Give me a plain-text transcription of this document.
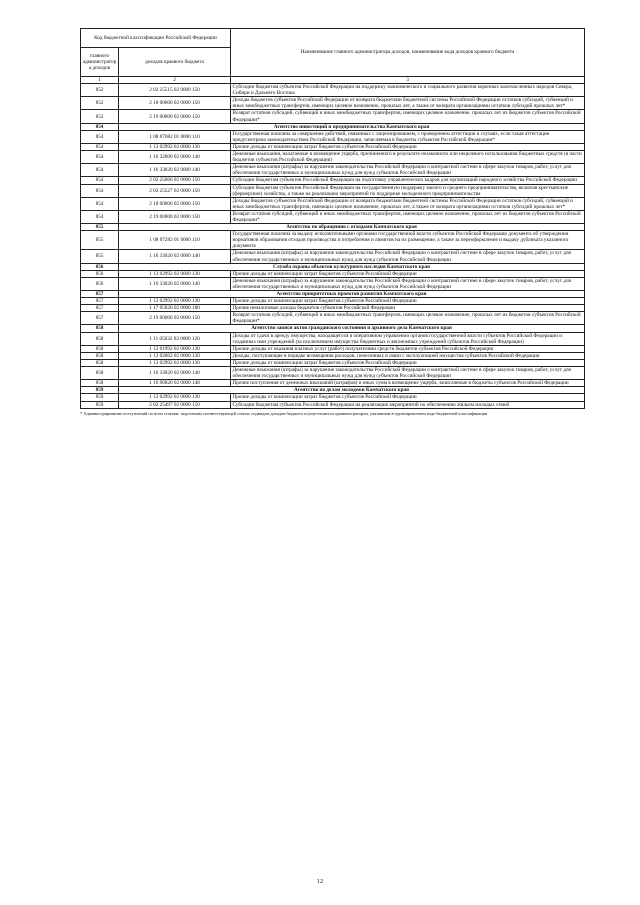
Код бюджетной классификации Российской Федерации		Наименование главного администратора доходов, наименование кода доходов краевого бюджета
главного администратора доходов	доходов краевого бюджета	
1	2	3
852	2 02 25515 02 0000 150	Субсидии бюджетам субъектов Российской Федерации на поддержку экономического и социального развития коренных малочисленных народов Севера, Сибири и Дальнего Востока
852	2 18 00000 02 0000 150	Доходы бюджетов субъектов Российской Федерации от возврата бюджетами бюджетной системы Российской Федерации остатков субсидий, субвенций и иных межбюджетных трансфертов, имеющих целевое назначение, прошлых лет, а также от возврата организациями остатков субсидий прошлых лет*
852	2 19 00000 02 0000 150	Возврат остатков субсидий, субвенций и иных межбюджетных трансфертов, имеющих целевое назначение, прошлых лет из бюджетов субъектов Российской Федерации*
854	Агентство инвестиций и предпринимательства Камчатского края	
854	1 08 07082 01 0000 110	Государственная пошлина за совершение действий, связанных с лицензированием, с проведением аттестации в случаях, если такая аттестация предусмотрена законодательством Российской Федерации, зачисляемая в бюджеты субъектов Российской Федерации*
854	1 13 02992 02 0000 130	Прочие доходы от компенсации затрат бюджетов субъектов Российской Федерации
854	1 16 32000 02 0000 140	Денежные взыскания, налагаемые в возмещение ущерба, причиненного в результате незаконного или нецелевого использования бюджетных средств (в части бюджетов субъектов Российской Федерации)
854	1 16 33020 02 0000 140	Денежные взыскания (штрафы) за нарушение законодательства Российской Федерации о контрактной системе в сфере закупок товаров, работ, услуг для обеспечения государственных и муниципальных нужд для нужд субъектов Российской Федерации
854	2 02 25066 02 0000 150	Субсидии бюджетам субъектов Российской Федерации на подготовку управленческих кадров для организаций народного хозяйства Российской Федерации
854	2 02 25527 02 0000 150	Субсидии бюджетам субъектов Российской Федерации на государственную поддержку малого и среднего предпринимательства, включая крестьянские (фермерские) хозяйства, а также на реализацию мероприятий по поддержке молодежного предпринимательства
854	2 18 00000 02 0000 150	Доходы бюджетов субъектов Российской Федерации от возврата бюджетами бюджетной системы Российской Федерации остатков субсидий, субвенций и иных межбюджетных трансфертов, имеющих целевое назначение, прошлых лет, а также от возврата организациями остатков субсидий прошлых лет*
854	2 19 00000 02 0000 150	Возврат остатков субсидий, субвенций и иных межбюджетных трансфертов, имеющих целевое назначение, прошлых лет из бюджетов субъектов Российской Федерации*
855	Агентство по обращению с отходами Камчатского края	
855	1 08 07282 01 0000 110	Государственная пошлина за выдачу исполнительными органами государственной власти субъектов Российской Федерации документа об утверждении нормативов образования отходов производства и потребления и лимитов на их размещение, а также за переоформление и выдачу дубликата указанного документа
855	1 16 33020 02 0000 140	Денежные взыскания (штрафы) за нарушение законодательства Российской Федерации о контрактной системе в сфере закупок товаров, работ, услуг для обеспечения государственных и муниципальных нужд для нужд субъектов Российской Федерации
856	Служба охраны объектов культурного наследия Камчатского края	
856	1 13 02992 02 0000 130	Прочие доходы от компенсации затрат бюджетов субъектов Российской Федерации
856	1 16 33020 02 0000 140	Денежные взыскания (штрафы) за нарушение законодательства Российской Федерации о контрактной системе в сфере закупок товаров, работ, услуг для обеспечения государственных и муниципальных нужд для нужд субъектов Российской Федерации
857	Агентство приоритетных проектов развития Камчатского края	
857	1 13 02992 02 0000 130	Прочие доходы от компенсации затрат бюджетов субъектов Российской Федерации
857	1 17 05020 02 0000 180	Прочие неналоговые доходы бюджетов субъектов Российской Федерации
857	2 19 00000 02 0000 150	Возврат остатков субсидий, субвенций и иных межбюджетных трансфертов, имеющих целевое назначение, прошлых лет из бюджетов субъектов Российской Федерации*
858	Агентство записи актов гражданского состояния и архивного дела Камчатского края	
858	1 11 05032 02 0000 120	Доходы от сдачи в аренду имущества, находящегося в оперативном управлении органов государственной власти субъектов Российской Федерации и созданных ими учреждений (за исключением имущества бюджетных и автономных учреждений субъектов Российской Федерации)
858	1 13 01992 02 0000 130	Прочие доходы от оказания платных услуг (работ) получателями средств бюджетов субъектов Российской Федерации
858	1 13 02062 02 0000 130	Доходы, поступающие в порядке возмещения расходов, понесенных в связи с эксплуатацией имущества субъектов Российской Федерации
858	1 13 02992 02 0000 130	Прочие доходы от компенсации затрат бюджетов субъектов Российской Федерации
858	1 16 33020 02 0000 140	Денежные взыскания (штрафы) за нарушение законодательства Российской Федерации о контрактной системе в сфере закупок товаров, работ, услуг для обеспечения государственных и муниципальных нужд для нужд субъектов Российской Федерации
858	1 16 90020 02 0000 140	Прочие поступления от денежных взысканий (штрафов) и иных сумм в возмещение ущерба, зачисляемые в бюджеты субъектов Российской Федерации
859	Агентство по делам молодежи Камчатского края	
859	1 13 02992 02 0000 130	Прочие доходы от компенсации затрат бюджетов субъектов Российской Федерации
859	2 02 25497 02 0000 150	Субсидии бюджетам субъектов Российской Федерации на реализацию мероприятий по обеспечению жильем молодых семей
* Администрирование поступлений по всем статьям, подстатьям соответствующей статьи, подвидам доходов бюджета осуществляется администратором, указанным в группировочном коде бюджетной классификации
12
